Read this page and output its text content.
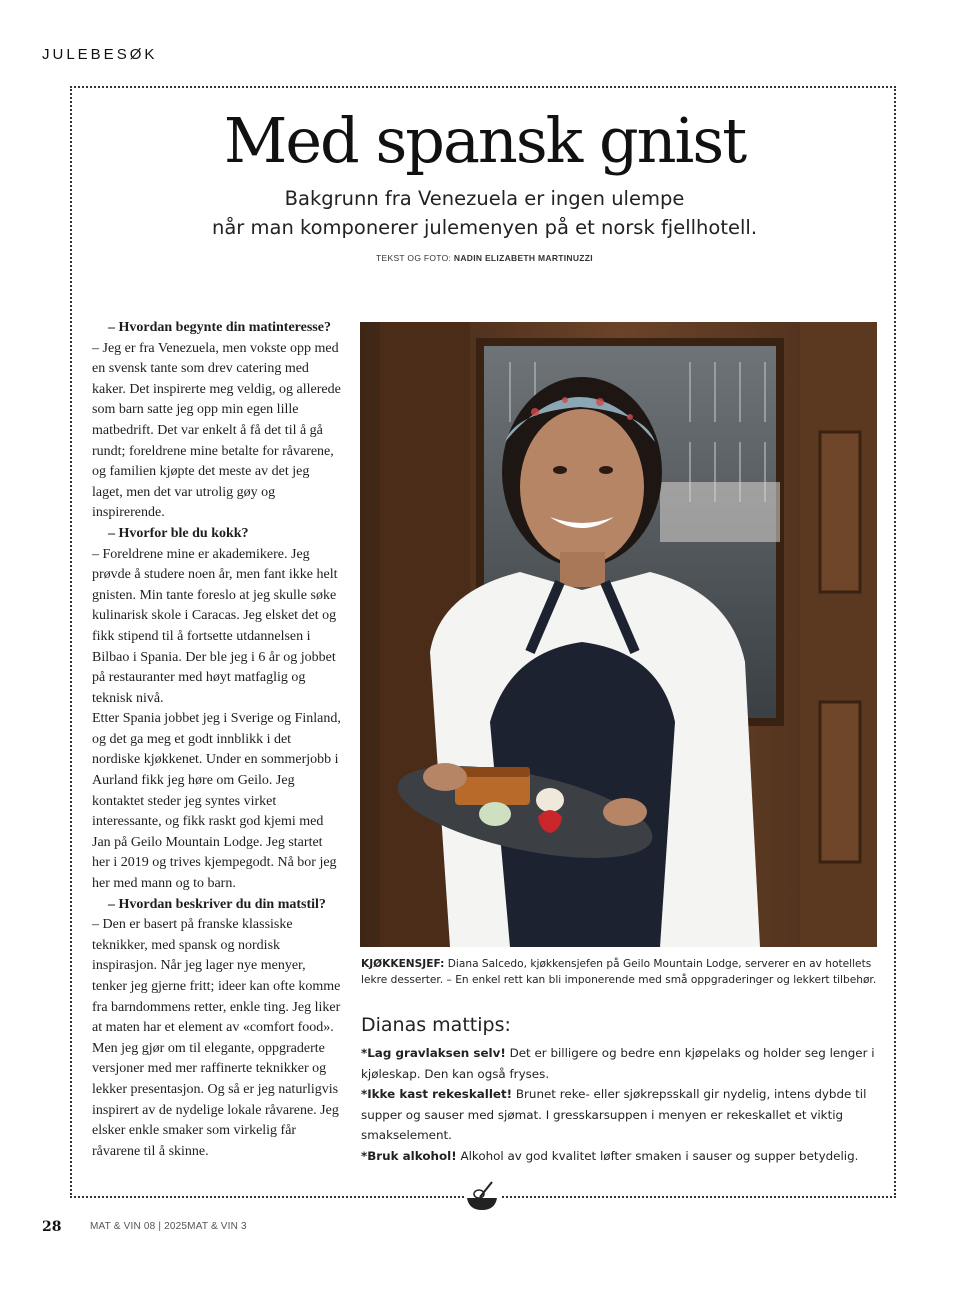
JULEBESØK
Med spansk gnist
Bakgrunn fra Venezuela er ingen ulempe
når man komponerer julemenyen på et norsk fjellhotell.
TEKST OG FOTO: NADIN ELIZABETH MARTINUZZI

– Hvordan begynte din matinteresse?

– Jeg er fra Venezuela, men vokste opp med en svensk tante som drev catering med kaker. Det inspirerte meg veldig, og allerede som barn satte jeg opp min egen lille matbedrift. Det var enkelt å få det til å gå rundt; foreldrene mine betalte for råvarene, og familien kjøpte det meste av det jeg laget, men det var utrolig gøy og inspirerende.

– Hvorfor ble du kokk?

– Foreldrene mine er akademikere. Jeg prøvde å studere noen år, men fant ikke helt gnisten. Min tante foreslo at jeg skulle søke kulinarisk skole i Caracas. Jeg elsket det og fikk stipend til å fortsette utdannelsen i Bilbao i Spania. Der ble jeg i 6 år og jobbet på restauranter med høyt matfaglig og teknisk nivå.

Etter Spania jobbet jeg i Sverige og Finland, og det ga meg et godt innblikk i det nordiske kjøkkenet. Under en sommerjobb i Aurland fikk jeg høre om Geilo. Jeg kontaktet steder jeg syntes virket interessante, og fikk raskt god kjemi med Jan på Geilo Mountain Lodge. Jeg startet her i 2019 og trives kjempegodt. Nå bor jeg her med mann og to barn.

– Hvordan beskriver du din matstil?

– Den er basert på franske klassiske teknikker, med spansk og nordisk inspirasjon. Når jeg lager nye menyer, tenker jeg gjerne fritt; ideer kan ofte komme fra barndommens retter, enkle ting. Jeg liker at maten har et element av «comfort food». Men jeg gjør om til elegante, oppgraderte versjoner med mer raffinerte teknikker og lekker presentasjon. Og så er jeg naturligvis inspirert av de nydelige lokale råvarene. Jeg elsker enkle smaker som virkelig får råvarene til å skinne.

KJØKKENSJEF: Diana Salcedo, kjøkkensjefen på Geilo Mountain Lodge, serverer en av hotellets lekre desserter. – En enkel rett kan bli imponerende med små oppgraderinger og lekkert tilbehør.
Dianas mattips:

*Lag gravlaksen selv! Det er billigere og bedre enn kjøpelaks og holder seg lenger i kjøleskap. Den kan også fryses.

*Ikke kast rekeskallet! Brunet reke- eller sjøkrepsskall gir nydelig, intens dybde til supper og sauser med sjømat. I gresskarsuppen i menyen er rekeskallet et viktig smakselement.

*Bruk alkohol! Alkohol av god kvalitet løfter smaken i sauser og supper betydelig.

28	MAT & VIN 08 | 2025MAT & VIN 3
